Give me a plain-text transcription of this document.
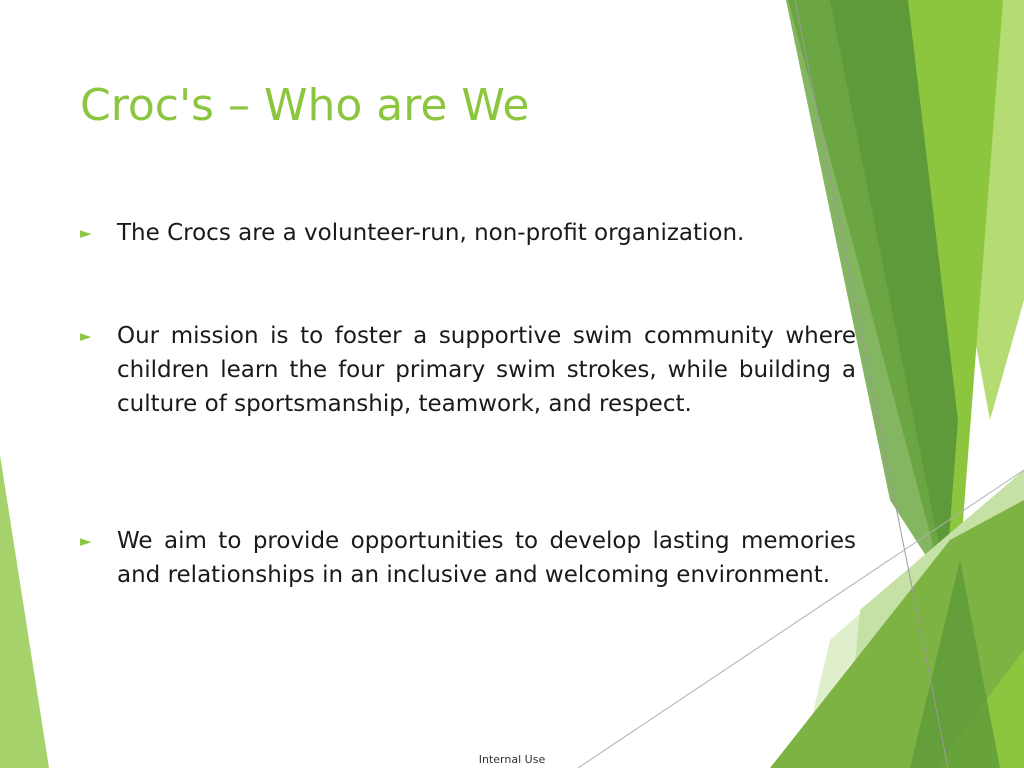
Croc's – Who are We
► The Crocs are a volunteer-run, non-profit organization.
► Our mission is to foster a supportive swim community where children learn the four primary swim strokes, while building a culture of sportsmanship, teamwork, and respect.
► We aim to provide opportunities to develop lasting memories and relationships in an inclusive and welcoming environment.
Internal Use
